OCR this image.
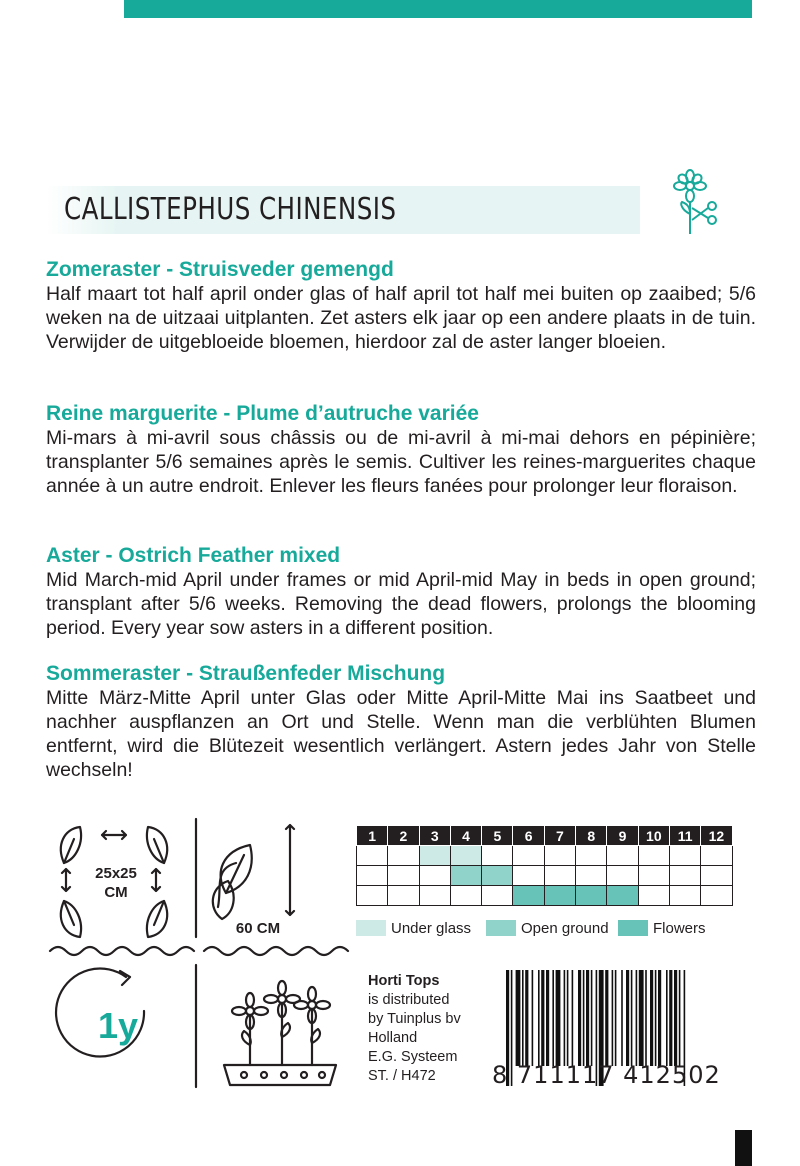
CALLISTEPHUS CHINENSIS

Zomeraster - Struisveder gemengd

Half maart tot half april onder glas of half april tot half mei buiten op zaaibed; 5/6 weken na de uitzaai uitplanten. Zet asters elk jaar op een andere plaats in de tuin. Verwijder de uitgebloeide bloemen, hierdoor zal de aster langer bloeien.

Reine marguerite - Plume d’autruche variée

Mi-mars à mi-avril sous châssis ou de mi-avril à mi-mai dehors en pépinière; transplanter 5/6 semaines après le semis. Cultiver les reines-marguerites chaque année à un autre endroit. Enlever les fleurs fanées pour prolonger leur floraison.

Aster - Ostrich Feather mixed

Mid March-mid April under frames or mid April-mid May in beds in open ground; transplant after 5/6 weeks. Removing the dead flowers, prolongs the blooming period. Every year sow asters in a different position.

Sommeraster - Straußenfeder Mischung

Mitte März-Mitte April unter Glas oder Mitte April-Mitte Mai ins Saatbeet und nachher auspflanzen an Ort und Stelle. Wenn man die verblühten Blumen entfernt, wird die Blütezeit wesentlich verlängert. Astern jedes Jahr von Stelle wechseln!

25x25
CM
60 CM
1y
1	2	3	4	5	6	7	8	9	10	11	12

Under glass	Open ground	Flowers
Horti Tops
is distributed
by Tuinplus bv
Holland
E.G. Systeem
ST. / H472	8 711117 412502
